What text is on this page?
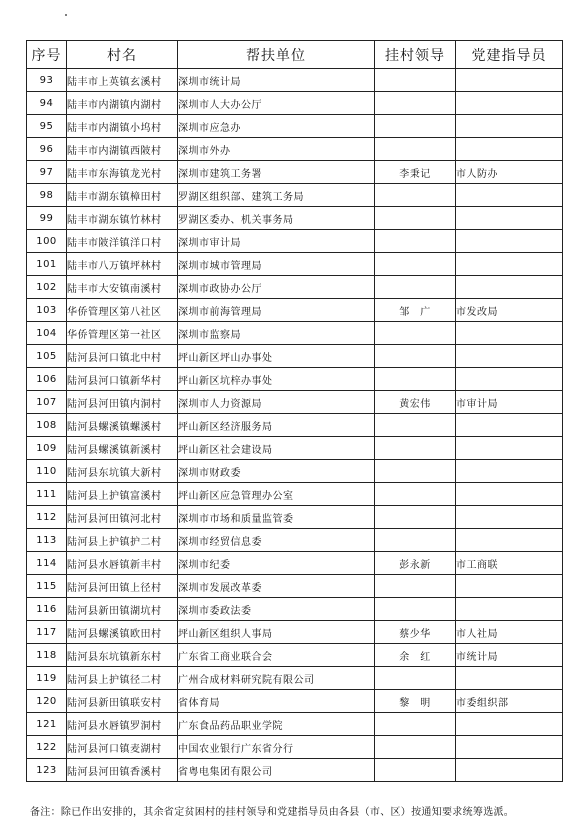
序号	村名	帮扶单位	挂村领导	党建指导员
93	陆丰市上英镇玄溪村	深圳市统计局		
94	陆丰市内湖镇内湖村	深圳市人大办公厅		
95	陆丰市内湖镇小坞村	深圳市应急办		
96	陆丰市内湖镇西陂村	深圳市外办		
97	陆丰市东海镇龙光村	深圳市建筑工务署	李秉记	市人防办
98	陆丰市湖东镇樟田村	罗湖区组织部、建筑工务局		
99	陆丰市湖东镇竹林村	罗湖区委办、机关事务局		
100	陆丰市陂洋镇洋口村	深圳市审计局		
101	陆丰市八万镇坪林村	深圳市城市管理局		
102	陆丰市大安镇南溪村	深圳市政协办公厅		
103	华侨管理区第八社区	深圳市前海管理局	邹　广	市发改局
104	华侨管理区第一社区	深圳市监察局		
105	陆河县河口镇北中村	坪山新区坪山办事处		
106	陆河县河口镇新华村	坪山新区坑梓办事处		
107	陆河县河田镇内洞村	深圳市人力资源局	黄宏伟	市审计局
108	陆河县螺溪镇螺溪村	坪山新区经济服务局		
109	陆河县螺溪镇新溪村	坪山新区社会建设局		
110	陆河县东坑镇大新村	深圳市财政委		
111	陆河县上护镇富溪村	坪山新区应急管理办公室		
112	陆河县河田镇河北村	深圳市市场和质量监管委		
113	陆河县上护镇护二村	深圳市经贸信息委		
114	陆河县水唇镇新丰村	深圳市纪委	彭永新	市工商联
115	陆河县河田镇上径村	深圳市发展改革委		
116	陆河县新田镇湖坑村	深圳市委政法委		
117	陆河县螺溪镇欧田村	坪山新区组织人事局	蔡少华	市人社局
118	陆河县东坑镇新东村	广东省工商业联合会	余　红	市统计局
119	陆河县上护镇径二村	广州合成材料研究院有限公司		
120	陆河县新田镇联安村	省体育局	黎　明	市委组织部
121	陆河县水唇镇罗洞村	广东食品药品职业学院		
122	陆河县河口镇麦湖村	中国农业银行广东省分行		
123	陆河县河田镇香溪村	省粤电集团有限公司		
备注：除已作出安排的，其余省定贫困村的挂村领导和党建指导员由各县（市、区）按通知要求统筹选派。
